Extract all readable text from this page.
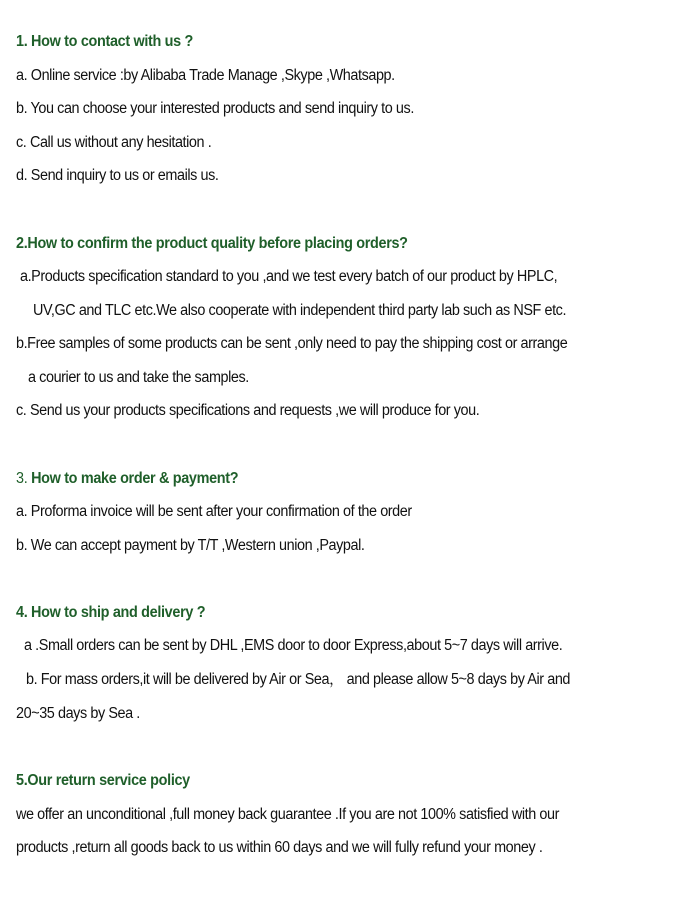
1. How to contact with us ?
a. Online service :by Alibaba Trade Manage ,Skype ,Whatsapp.
b. You can choose your interested products and send inquiry to us.
c. Call us without any hesitation .
d. Send inquiry to us or emails us.
2.How to confirm the product quality before placing orders?
a.Products specification standard to you ,and we test every batch of our product by HPLC,
UV,GC and TLC etc.We also cooperate with independent third party lab such as NSF etc.
b.Free samples of some products can be sent ,only need to pay the shipping cost or arrange
a courier to us and take the samples.
c. Send us your products specifications and requests ,we will produce for you.
3. How to make order & payment?
a. Proforma invoice will be sent after your confirmation of the order
b. We can accept payment by T/T ,Western union ,Paypal.
4. How to ship and delivery ?
a .Small orders can be sent by DHL ,EMS door to door Express,about 5~7 days will arrive.
b. For mass orders,it will be delivered by Air or Sea， and please allow 5~8 days by Air and
20~35 days by Sea .
5.Our return service policy
we offer an unconditional ,full money back guarantee .If you are not 100% satisfied with our
products ,return all goods back to us within 60 days and we will fully refund your money .
